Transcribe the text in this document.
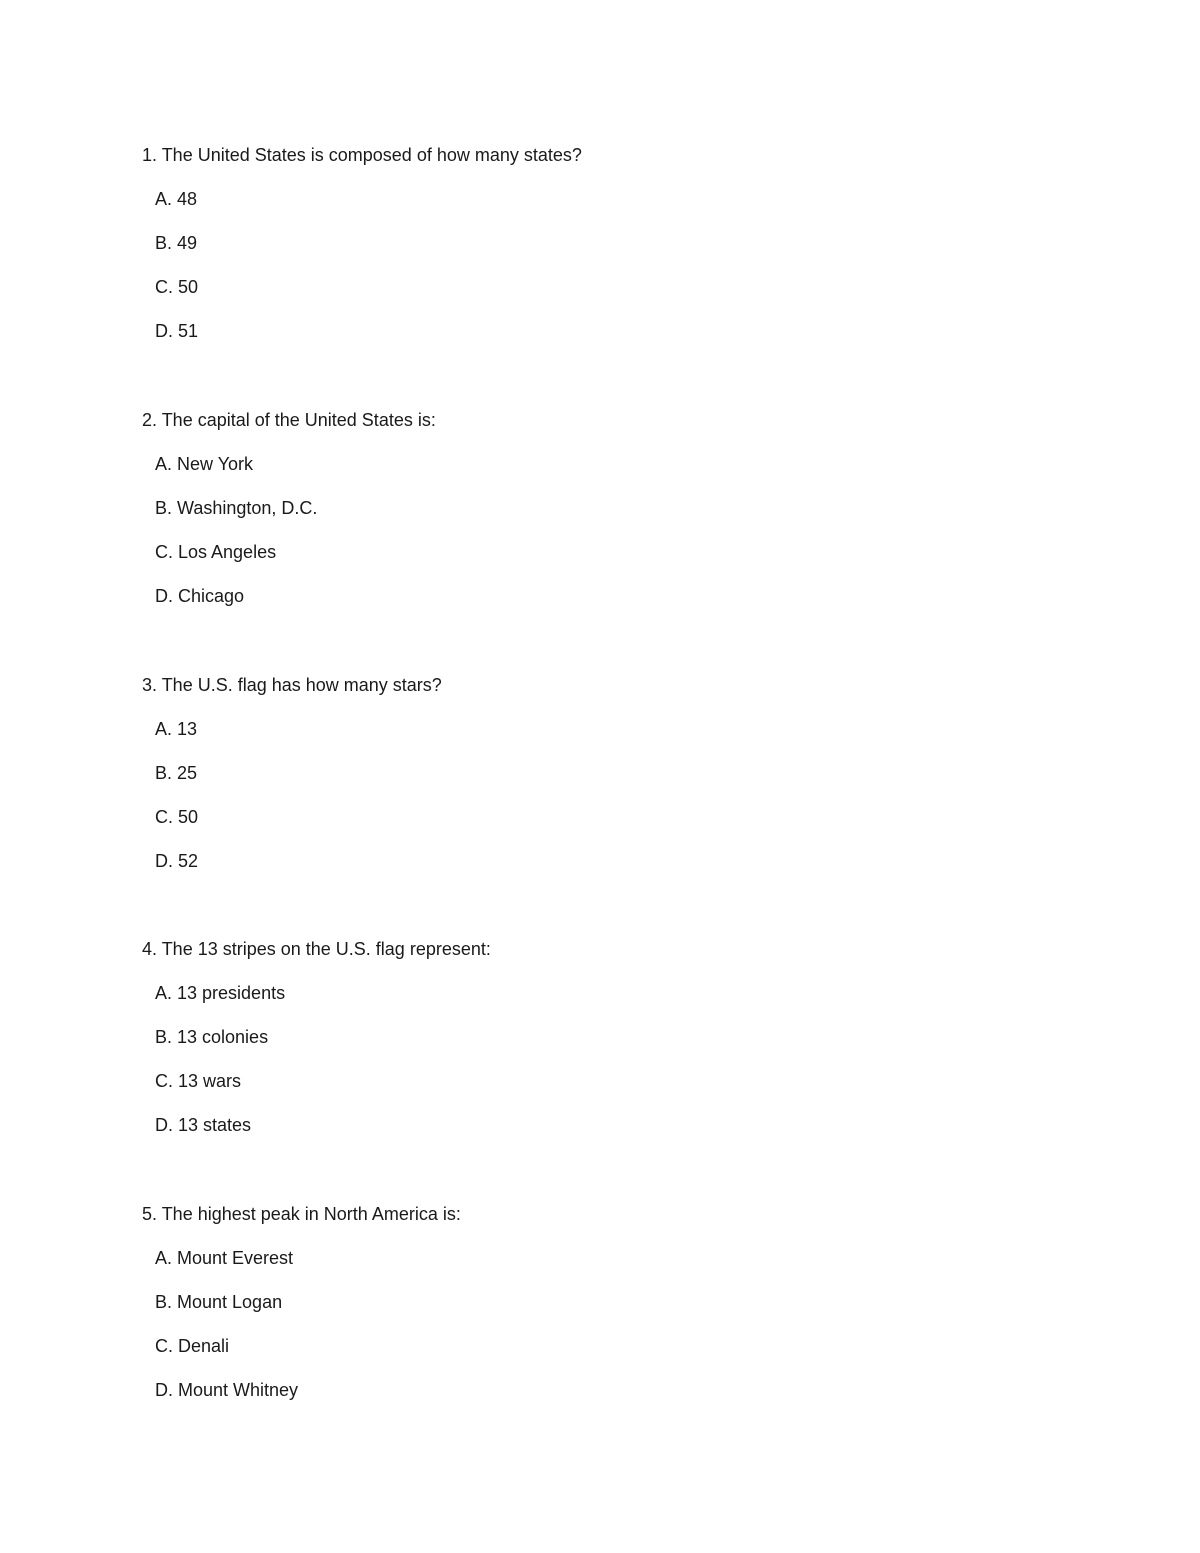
1. The United States is composed of how many states?
A. 48
B. 49
C. 50
D. 51
2. The capital of the United States is:
A. New York
B. Washington, D.C.
C. Los Angeles
D. Chicago
3. The U.S. flag has how many stars?
A. 13
B. 25
C. 50
D. 52
4. The 13 stripes on the U.S. flag represent:
A. 13 presidents
B. 13 colonies
C. 13 wars
D. 13 states
5. The highest peak in North America is:
A. Mount Everest
B. Mount Logan
C. Denali
D. Mount Whitney
